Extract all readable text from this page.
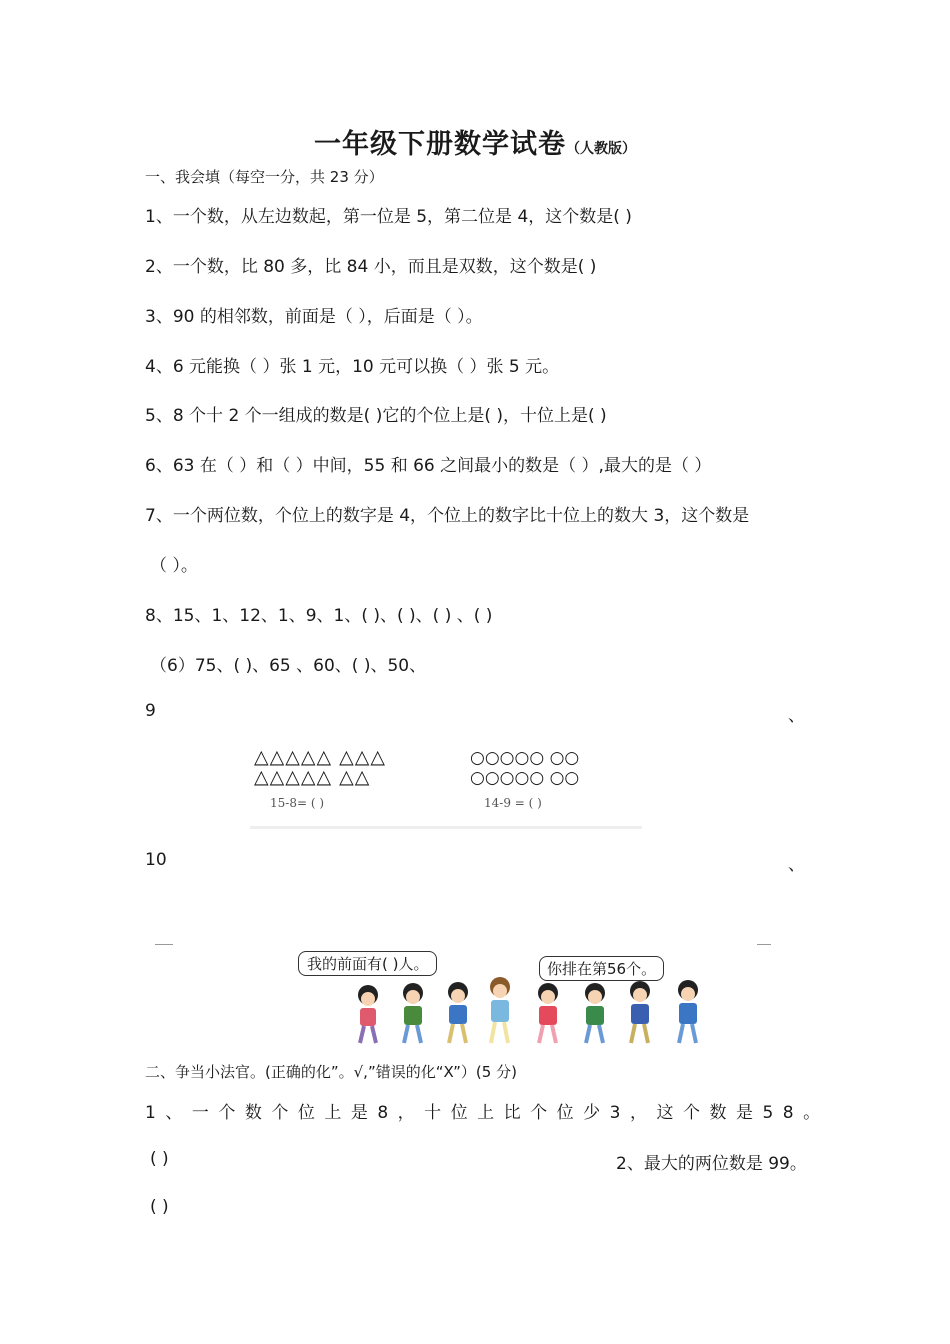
一年级下册数学试卷（人教版）
一、我会填（每空一分，共 23 分）
1、一个数，从左边数起，第一位是 5，第二位是 4，这个数是( )
2、一个数，比 80 多，比 84 小，而且是双数，这个数是( )
3、90 的相邻数，前面是（ ），后面是（ ）。
4、6 元能换（ ）张 1 元，10 元可以换（ ）张 5 元。
5、8 个十 2 个一组成的数是( )它的个位上是( )，十位上是( )
6、63 在（ ）和（ ）中间，55 和 66 之间最小的数是（ ）,最大的是（ ）
7、一个两位数，个位上的数字是 4，个位上的数字比十位上的数大 3，这个数是
（ ）。
8、15、1、12、1、9、1、( )、( )、( ) 、( )
（6）75、( )、65 、60、( )、50、
9	、
△△△△△ △△△
△△△△△ △△
○○○○○ ○○
○○○○○ ○○
15-8= ( )	14-9 = ( )
10	、
我的前面有( )人。	你排在第56个。
二、争当小法官。(正确的化”。√,”错误的化“X”）(5 分)
1、一个数个位上是8，十位上比个位少3，这个数是58。
( )	2、最大的两位数是 99。
( )
